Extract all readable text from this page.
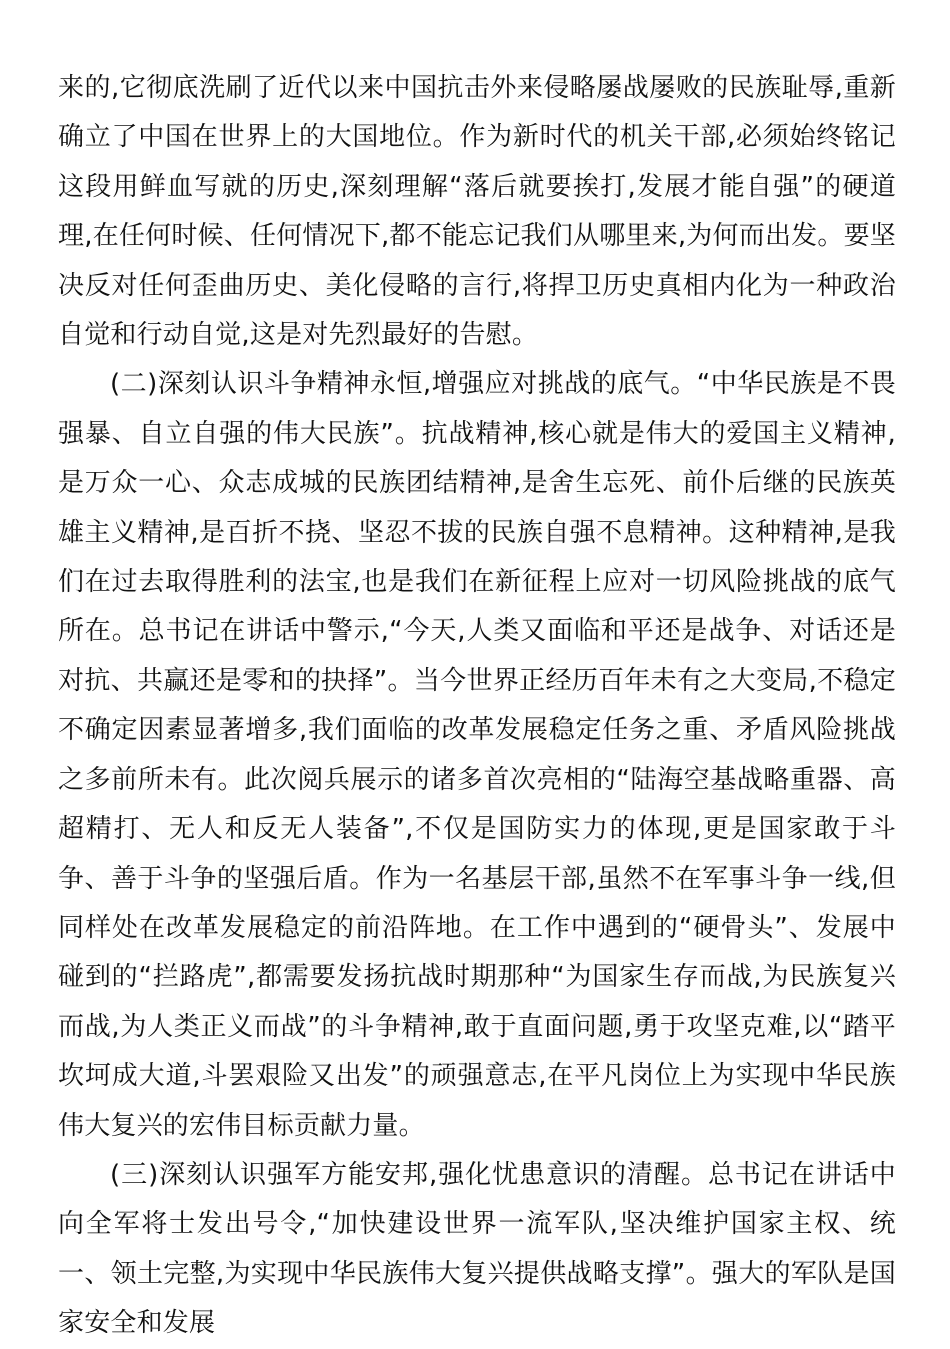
来的,它彻底洗刷了近代以来中国抗击外来侵略屡战屡败的民族耻辱,重新确立了中国在世界上的大国地位。作为新时代的机关干部,必须始终铭记这段用鲜血写就的历史,深刻理解“落后就要挨打,发展才能自强”的硬道理,在任何时候、任何情况下,都不能忘记我们从哪里来,为何而出发。要坚决反对任何歪曲历史、美化侵略的言行,将捍卫历史真相内化为一种政治自觉和行动自觉,这是对先烈最好的告慰。

(二)深刻认识斗争精神永恒,增强应对挑战的底气。“中华民族是不畏强暴、自立自强的伟大民族”。抗战精神,核心就是伟大的爱国主义精神,是万众一心、众志成城的民族团结精神,是舍生忘死、前仆后继的民族英雄主义精神,是百折不挠、坚忍不拔的民族自强不息精神。这种精神,是我们在过去取得胜利的法宝,也是我们在新征程上应对一切风险挑战的底气所在。总书记在讲话中警示,“今天,人类又面临和平还是战争、对话还是对抗、共赢还是零和的抉择”。当今世界正经历百年未有之大变局,不稳定不确定因素显著增多,我们面临的改革发展稳定任务之重、矛盾风险挑战之多前所未有。此次阅兵展示的诸多首次亮相的“陆海空基战略重器、高超精打、无人和反无人装备”,不仅是国防实力的体现,更是国家敢于斗争、善于斗争的坚强后盾。作为一名基层干部,虽然不在军事斗争一线,但同样处在改革发展稳定的前沿阵地。在工作中遇到的“硬骨头”、发展中碰到的“拦路虎”,都需要发扬抗战时期那种“为国家生存而战,为民族复兴而战,为人类正义而战”的斗争精神,敢于直面问题,勇于攻坚克难,以“踏平坎坷成大道,斗罢艰险又出发”的顽强意志,在平凡岗位上为实现中华民族伟大复兴的宏伟目标贡献力量。

(三)深刻认识强军方能安邦,强化忧患意识的清醒。总书记在讲话中向全军将士发出号令,“加快建设世界一流军队,坚决维护国家主权、统一、领土完整,为实现中华民族伟大复兴提供战略支撑”。强大的军队是国家安全和发展
